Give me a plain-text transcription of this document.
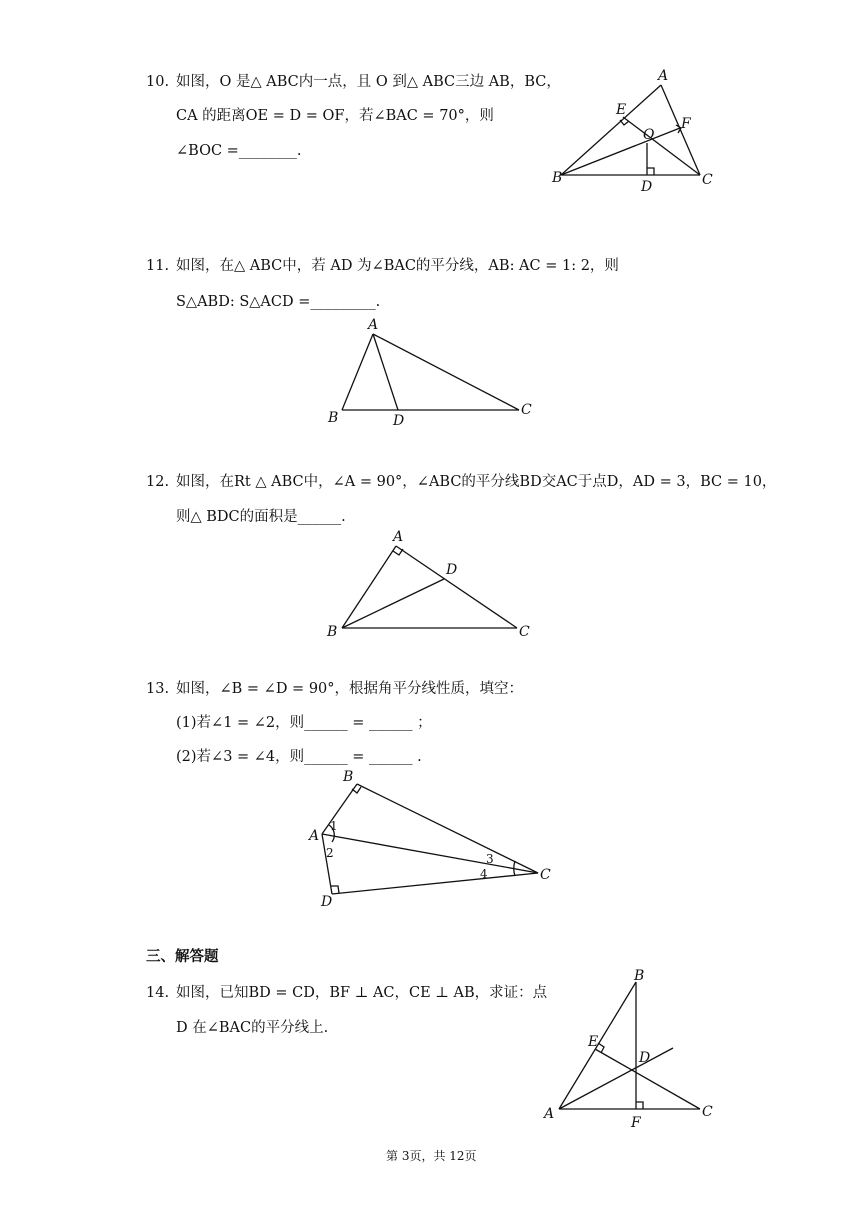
10. 如图，O 是△ ABC内一点，且 O 到△ ABC三边 AB，BC，
CA 的距离OE = D = OF，若∠BAC = 70°，则
∠BOC =________.
A
B	C
D
E
F
O
11. 如图，在△ ABC中，若 AD 为∠BAC的平分线，AB: AC = 1: 2，则
S△ABD: S△ACD =_________.
A
B	C
D
12. 如图，在Rt △ ABC中，∠A = 90°，∠ABC的平分线BD交AC于点D，AD = 3，BC = 10，
则△ BDC的面积是______.
A
B	C
D
13. 如图，∠B = ∠D = 90°，根据角平分线性质，填空：
(1)若∠1 = ∠2，则______ = ______ ；
(2)若∠3 = ∠4，则______ = ______ .
B
A
D
C
1
2	3
4
三、解答题
14. 如图，已知BD = CD，BF ⊥ AC，CE ⊥ AB，求证：点
D 在∠BAC的平分线上.
B
A	C
D
E
F
第 3页，共 12页
